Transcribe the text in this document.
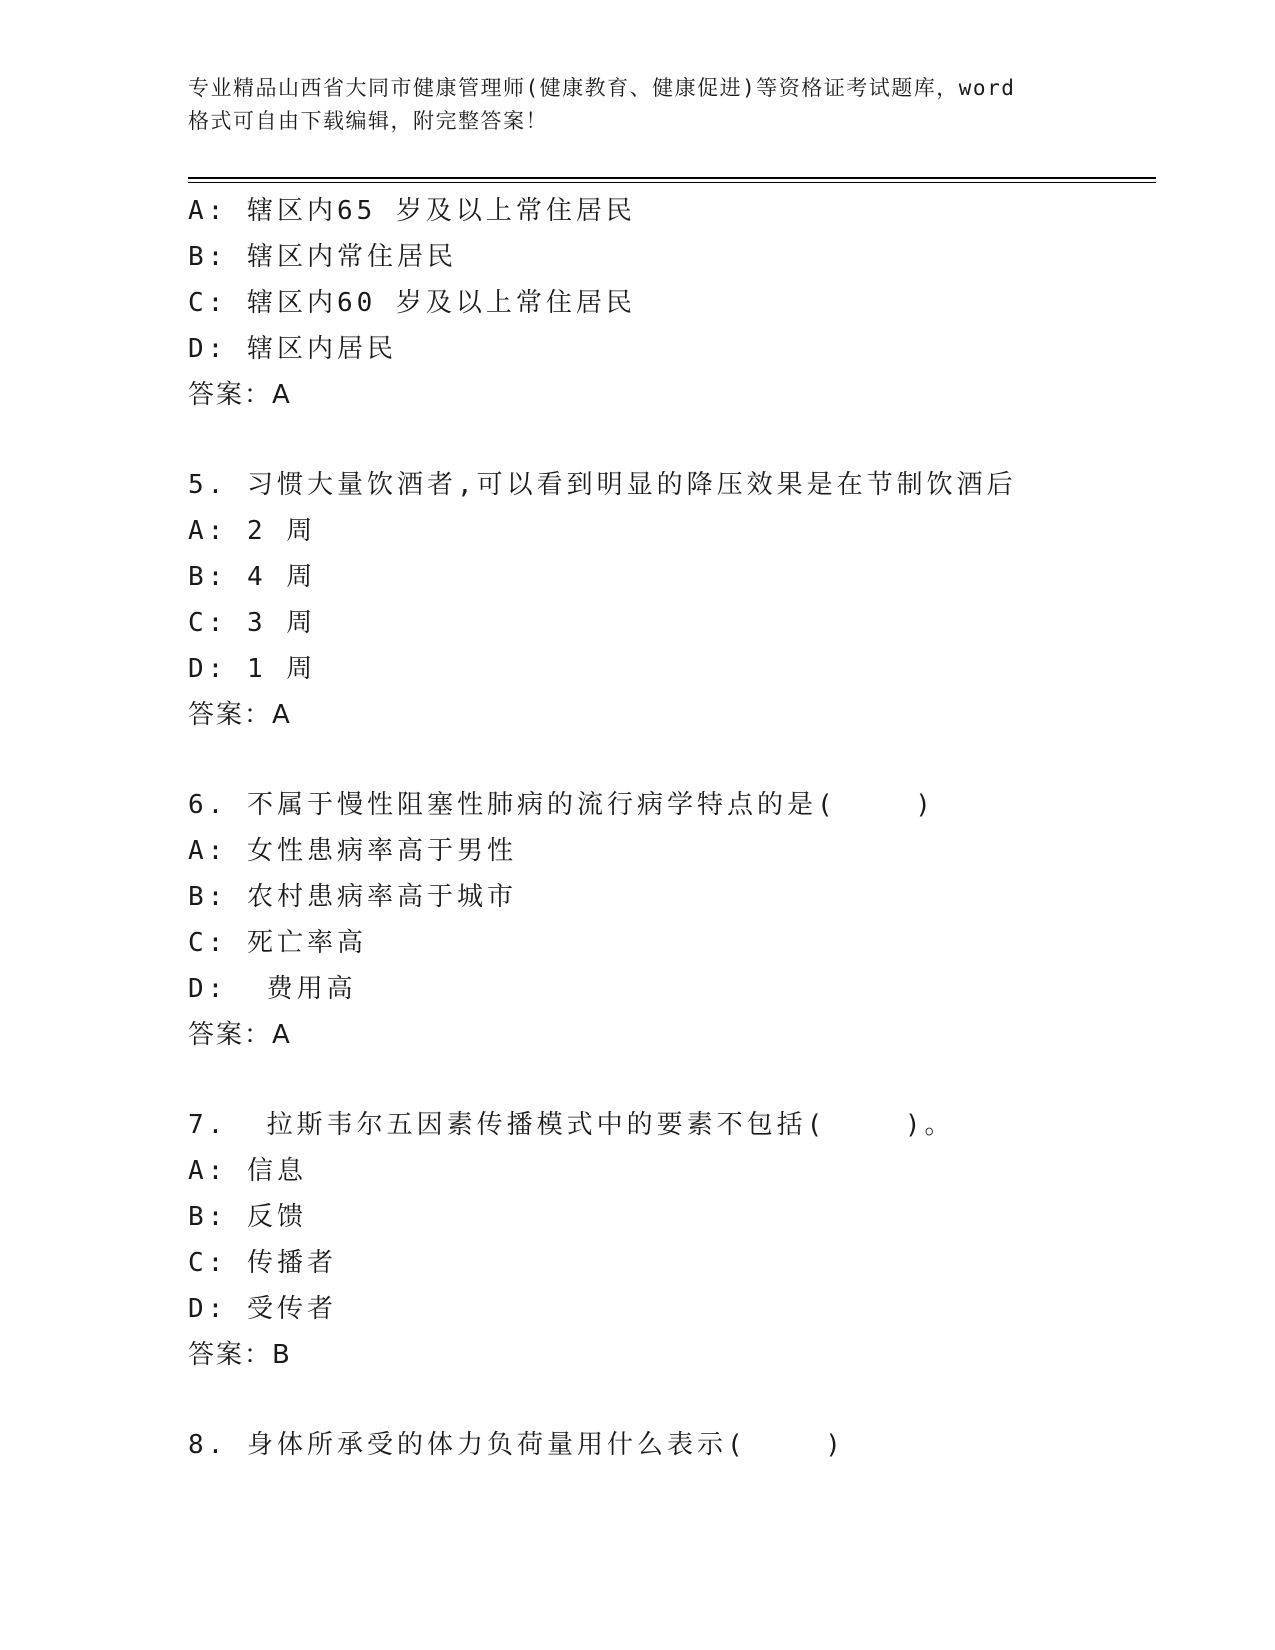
专业精品山西省大同市健康管理师(健康教育、健康促进)等资格证考试题库，word
格式可自由下载编辑，附完整答案！
A: 辖区内65 岁及以上常住居民
B: 辖区内常住居民
C: 辖区内60 岁及以上常住居民
D: 辖区内居民
答案：A
5. 习惯大量饮酒者,可以看到明显的降压效果是在节制饮酒后
A: 2 周
B: 4 周
C: 3 周
D: 1 周
答案：A
6. 不属于慢性阻塞性肺病的流行病学特点的是(    )
A: 女性患病率高于男性
B: 农村患病率高于城市
C: 死亡率高
D:  费用高
答案：A
7.  拉斯韦尔五因素传播模式中的要素不包括(    )。
A: 信息
B: 反馈
C: 传播者
D: 受传者
答案：B
8. 身体所承受的体力负荷量用什么表示(    )
